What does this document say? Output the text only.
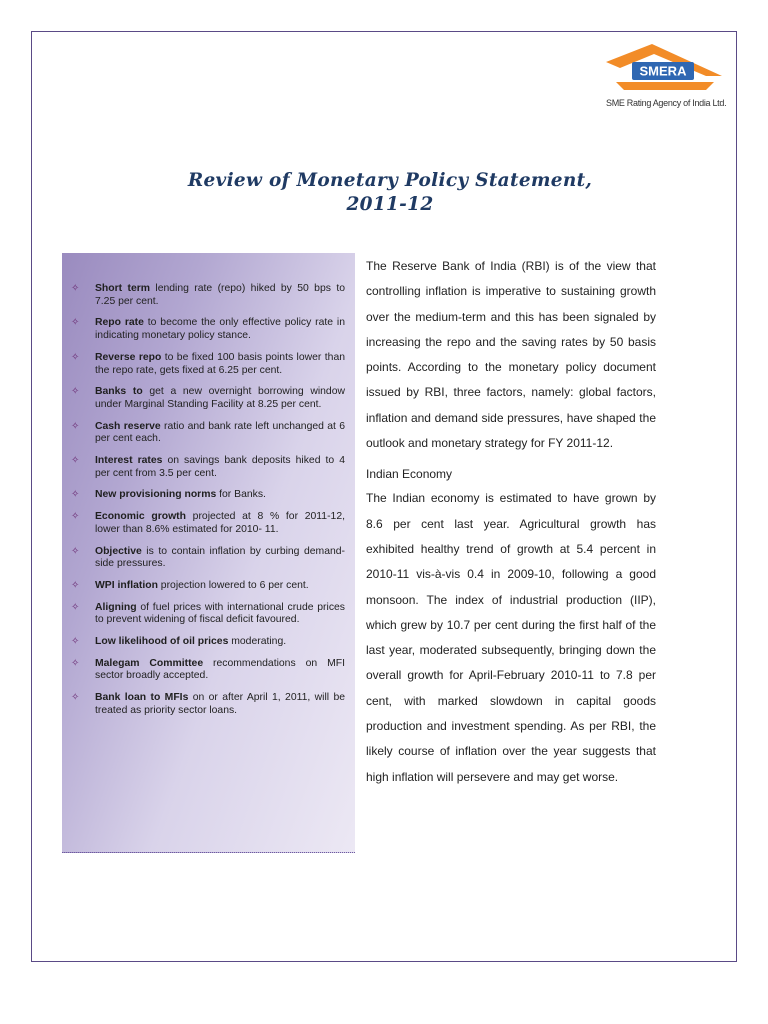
SMERA
SME Rating Agency of India Ltd.
Review of Monetary Policy Statement,
2011-12
✧ Short term lending rate (repo) hiked by 50 bps to 7.25 per cent.
✧ Repo rate to become the only effective policy rate in indicating monetary policy stance.
✧ Reverse repo to be fixed 100 basis points lower than the repo rate, gets fixed at 6.25 per cent.
✧ Banks to get a new overnight borrowing window under Marginal Standing Facility at 8.25 per cent.
✧ Cash reserve ratio and bank rate left unchanged at 6 per cent each.
✧ Interest rates on savings bank deposits hiked to 4 per cent from 3.5 per cent.
✧ New provisioning norms for Banks.
✧ Economic growth projected at 8 % for 2011-12, lower than 8.6% estimated for 2010- 11.
✧ Objective is to contain inflation by curbing demand-side pressures.
✧ WPI inflation projection lowered to 6 per cent.
✧ Aligning of fuel prices with international crude prices to prevent widening of fiscal deficit favoured.
✧ Low likelihood of oil prices moderating.
✧ Malegam Committee recommendations on MFI sector broadly accepted.
✧ Bank loan to MFIs on or after April 1, 2011, will be treated as priority sector loans.

The Reserve Bank of India (RBI) is of the view that controlling inflation is imperative to sustaining growth over the medium-term and this has been signaled by increasing the repo and the saving rates by 50 basis points. According to the monetary policy document issued by RBI, three factors, namely: global factors, inflation and demand side pressures, have shaped the outlook and monetary strategy for FY 2011-12.

Indian Economy

The Indian economy is estimated to have grown by 8.6 per cent last year. Agricultural growth has exhibited healthy trend of growth at 5.4 percent in 2010-11 vis-à-vis 0.4 in 2009-10, following a good monsoon. The index of industrial production (IIP), which grew by 10.7 per cent during the first half of the last year, moderated subsequently, bringing down the overall growth for April-February 2010-11 to 7.8 per cent, with marked slowdown in capital goods production and investment spending. As per RBI, the likely course of inflation over the year suggests that high inflation will persevere and may get worse.
